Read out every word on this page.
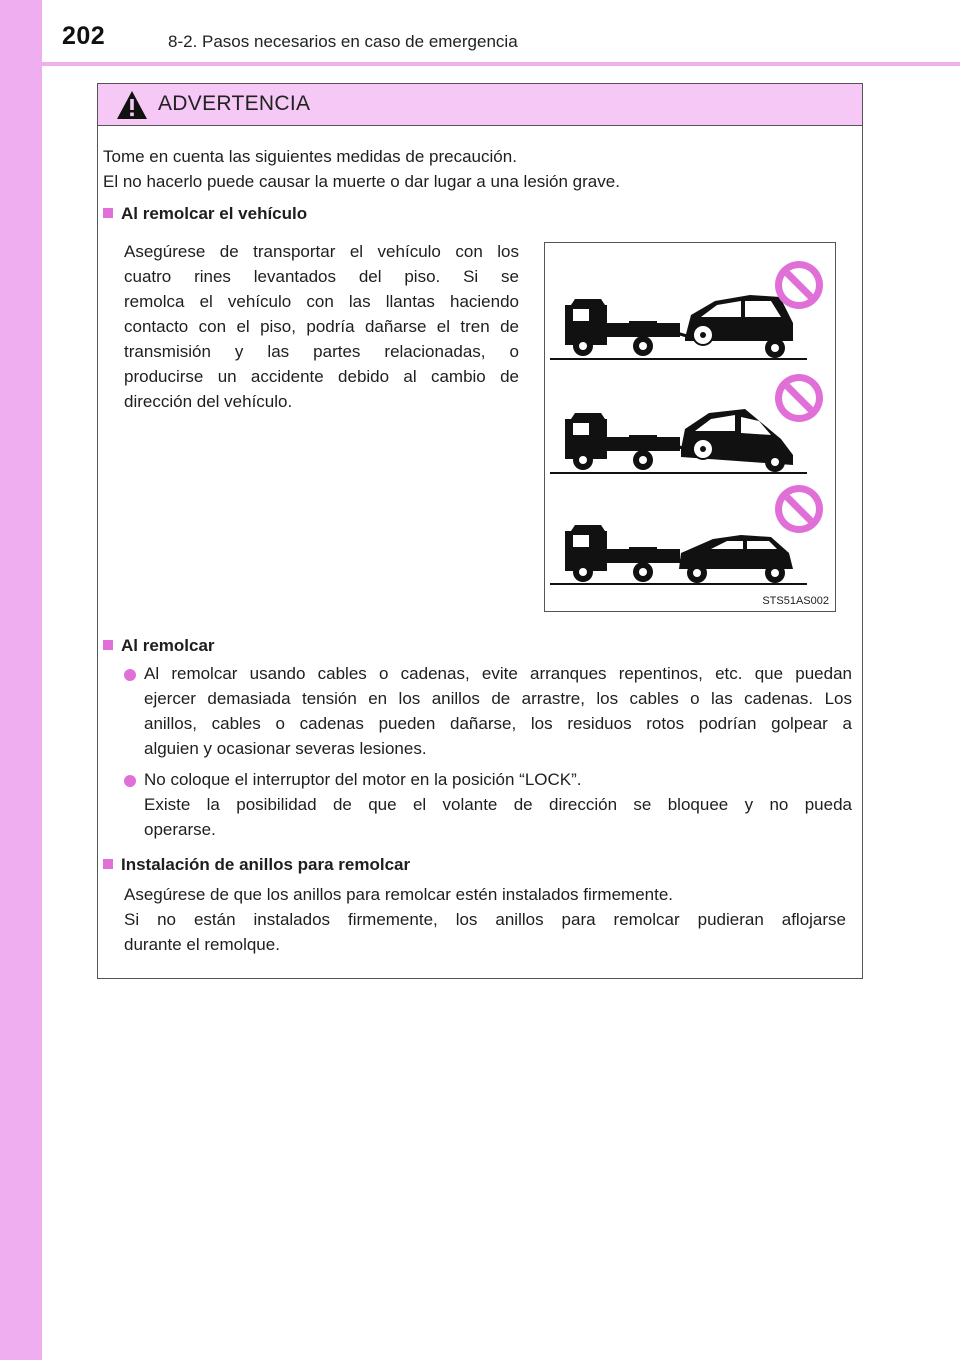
202	8-2. Pasos necesarios en caso de emergencia
ADVERTENCIA
Tome en cuenta las siguientes medidas de precaución.
El no hacerlo puede causar la muerte o dar lugar a una lesión grave.
Al remolcar el vehículo
Asegúrese de transportar el vehículo con los
cuatro rines levantados del piso. Si se
remolca el vehículo con las llantas haciendo
contacto con el piso, podría dañarse el tren de
transmisión y las partes relacionadas, o
producirse un accidente debido al cambio de
dirección del vehículo.
STS51AS002
Al remolcar
Al remolcar usando cables o cadenas, evite arranques repentinos, etc. que puedan
ejercer demasiada tensión en los anillos de arrastre, los cables o las cadenas. Los
anillos, cables o cadenas pueden dañarse, los residuos rotos podrían golpear a
alguien y ocasionar severas lesiones.
No coloque el interruptor del motor en la posición “LOCK”.
Existe la posibilidad de que el volante de dirección se bloquee y no pueda
operarse.
Instalación de anillos para remolcar
Asegúrese de que los anillos para remolcar estén instalados firmemente.
Si no están instalados firmemente, los anillos para remolcar pudieran aflojarse
durante el remolque.
